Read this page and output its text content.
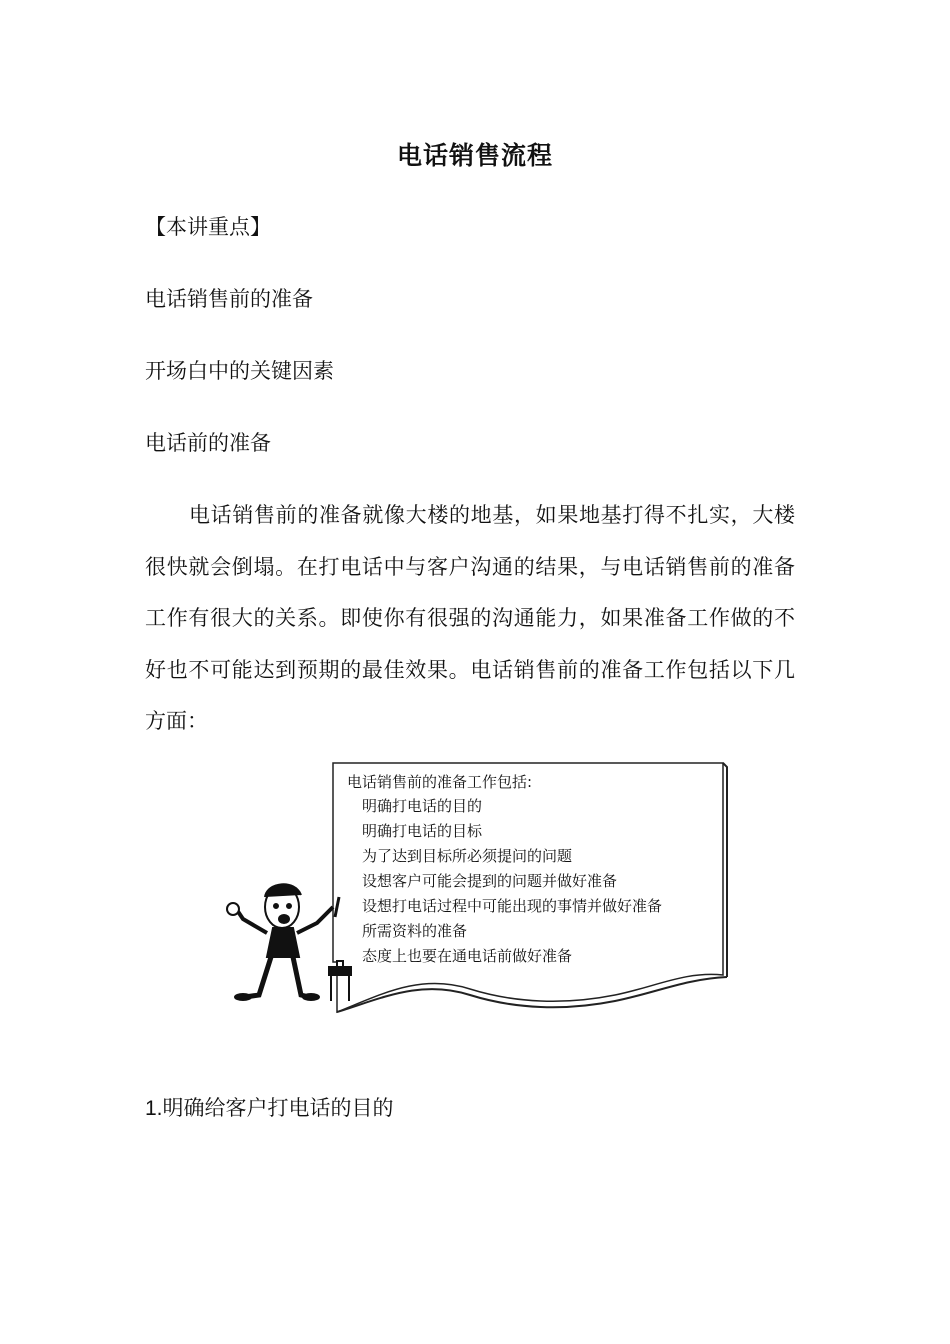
电话销售流程
【本讲重点】
电话销售前的准备
开场白中的关键因素
电话前的准备
电话销售前的准备就像大楼的地基，如果地基打得不扎实，大楼很快就会倒塌。在打电话中与客户沟通的结果，与电话销售前的准备工作有很大的关系。即使你有很强的沟通能力，如果准备工作做的不好也不可能达到预期的最佳效果。电话销售前的准备工作包括以下几方面：
电话销售前的准备工作包括:
明确打电话的目的
明确打电话的目标
为了达到目标所必须提问的问题
设想客户可能会提到的问题并做好准备
设想打电话过程中可能出现的事情并做好准备
所需资料的准备
态度上也要在通电话前做好准备
1.明确给客户打电话的目的
